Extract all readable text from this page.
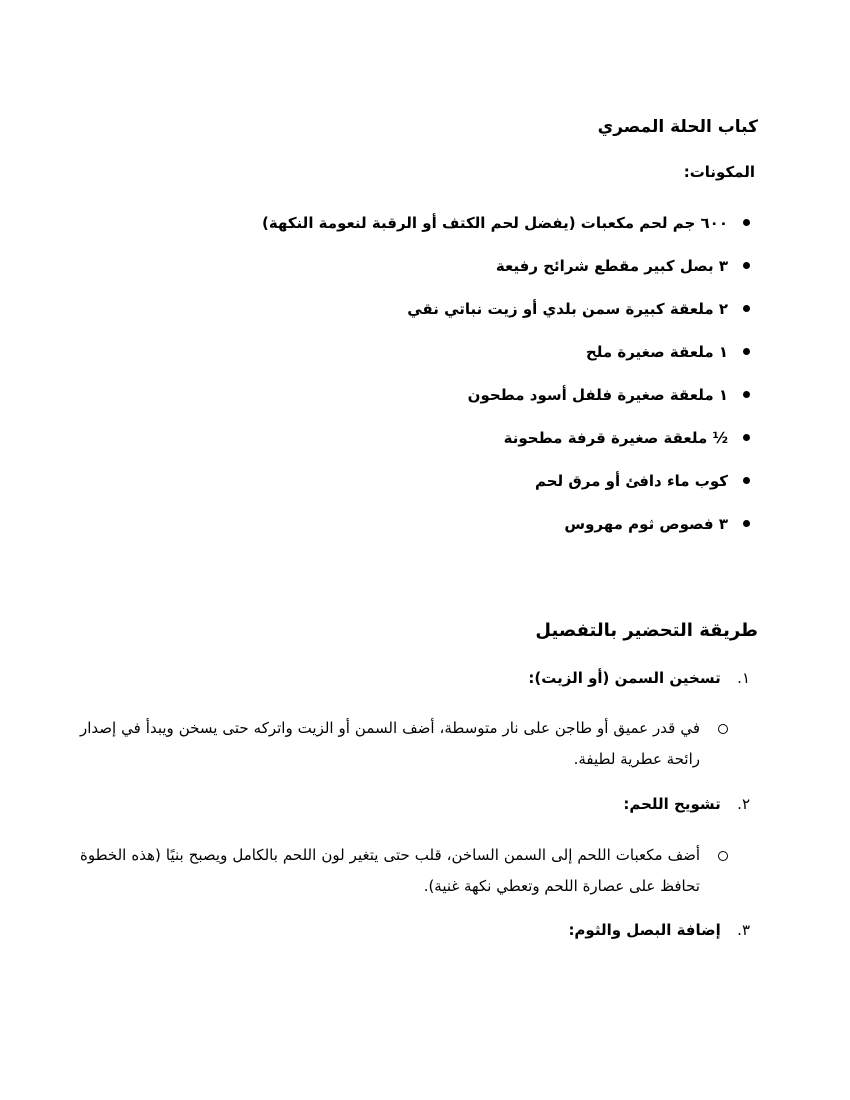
كباب الحلة المصري
المكونات:
٦٠٠ جم لحم مكعبات (يفضل لحم الكتف أو الرقبة لنعومة النكهة)
٣ بصل كبير مقطع شرائح رفيعة
٢ ملعقة كبيرة سمن بلدي أو زيت نباتي نقي
١ ملعقة صغيرة ملح
١ ملعقة صغيرة فلفل أسود مطحون
½ ملعقة صغيرة قرفة مطحونة
كوب ماء دافئ أو مرق لحم
٣ فصوص ثوم مهروس
طريقة التحضير بالتفصيل
١. تسخين السمن (أو الزيت):
في قدر عميق أو طاجن على نار متوسطة، أضف السمن أو الزيت واتركه حتى يسخن ويبدأ في إصدار رائحة عطرية لطيفة.
٢. تشويح اللحم:
أضف مكعبات اللحم إلى السمن الساخن، قلب حتى يتغير لون اللحم بالكامل ويصبح بنيًا (هذه الخطوة تحافظ على عصارة اللحم وتعطي نكهة غنية).
٣. إضافة البصل والثوم:
